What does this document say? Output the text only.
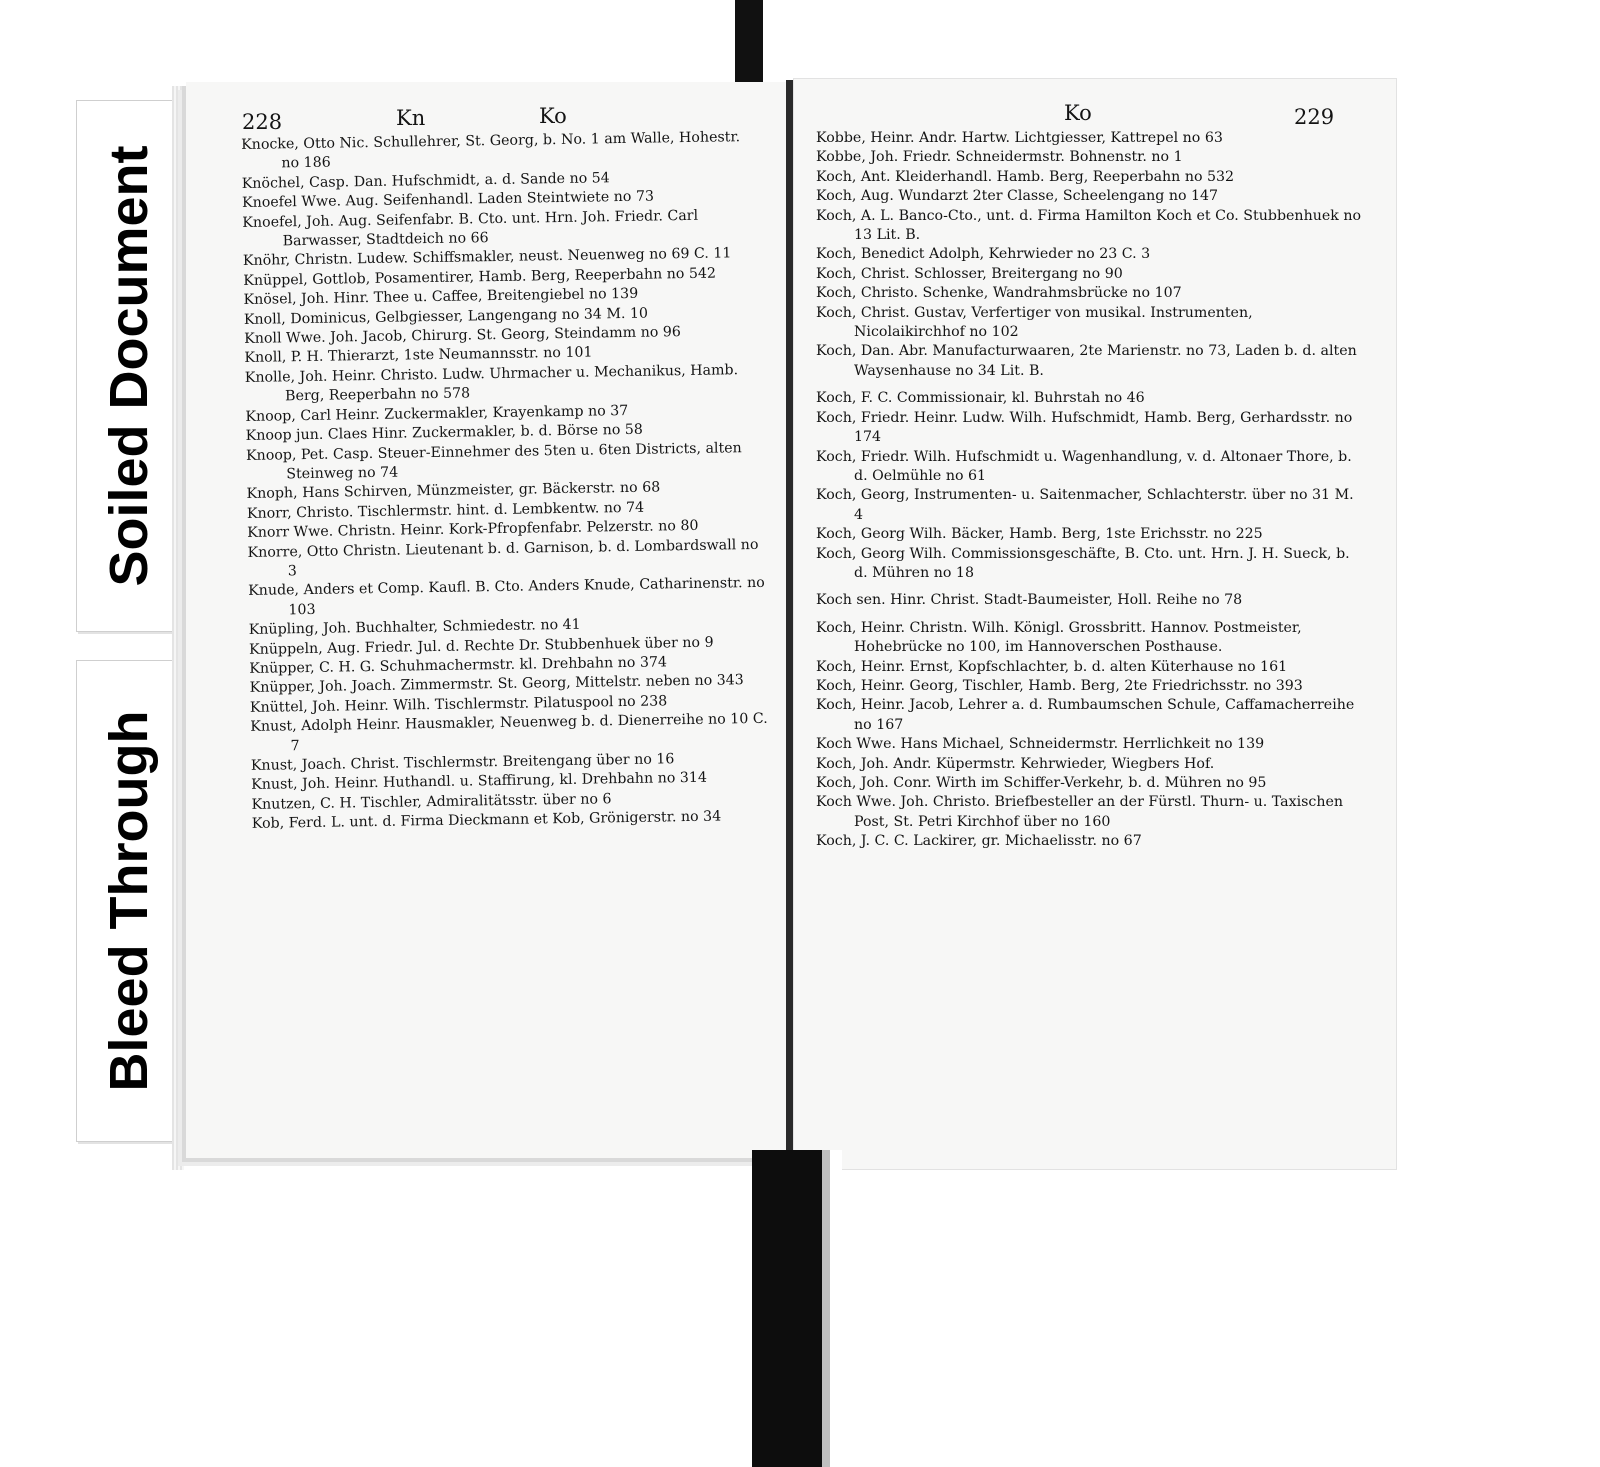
Soiled Document
Bleed Through
228	Kn	Ko

Knocke, Otto Nic. Schullehrer, St. Georg, b. No. 1 am Walle, Hohestr. no 186

Knöchel, Casp. Dan. Hufschmidt, a. d. Sande no 54

Knoefel Wwe. Aug. Seifenhandl. Laden Steintwiete no 73

Knoefel, Joh. Aug. Seifenfabr. B. Cto. unt. Hrn. Joh. Friedr. Carl Barwasser, Stadtdeich no 66

Knöhr, Christn. Ludew. Schiffsmakler, neust. Neuenweg no 69 C. 11

Knüppel, Gottlob, Posamentirer, Hamb. Berg, Reeperbahn no 542

Knösel, Joh. Hinr. Thee u. Caffee, Breitengiebel no 139

Knoll, Dominicus, Gelbgiesser, Langengang no 34 M. 10

Knoll Wwe. Joh. Jacob, Chirurg. St. Georg, Steindamm no 96

Knoll, P. H. Thierarzt, 1ste Neumannsstr. no 101

Knolle, Joh. Heinr. Christo. Ludw. Uhrmacher u. Mechanikus, Hamb. Berg, Reeperbahn no 578

Knoop, Carl Heinr. Zuckermakler, Krayenkamp no 37

Knoop jun. Claes Hinr. Zuckermakler, b. d. Börse no 58

Knoop, Pet. Casp. Steuer-Einnehmer des 5ten u. 6ten Districts, alten Steinweg no 74

Knoph, Hans Schirven, Münzmeister, gr. Bäckerstr. no 68

Knorr, Christo. Tischlermstr. hint. d. Lembkentw. no 74

Knorr Wwe. Christn. Heinr. Kork-Pfropfenfabr. Pelzerstr. no 80

Knorre, Otto Christn. Lieutenant b. d. Garnison, b. d. Lombardswall no 3

Knude, Anders et Comp. Kaufl. B. Cto. Anders Knude, Catharinenstr. no 103

Knüpling, Joh. Buchhalter, Schmiedestr. no 41

Knüppeln, Aug. Friedr. Jul. d. Rechte Dr. Stubbenhuek über no 9

Knüpper, C. H. G. Schuhmachermstr. kl. Drehbahn no 374

Knüpper, Joh. Joach. Zimmermstr. St. Georg, Mittelstr. neben no 343

Knüttel, Joh. Heinr. Wilh. Tischlermstr. Pilatuspool no 238

Knust, Adolph Heinr. Hausmakler, Neuenweg b. d. Dienerreihe no 10 C. 7

Knust, Joach. Christ. Tischlermstr. Breitengang über no 16

Knust, Joh. Heinr. Huthandl. u. Staffirung, kl. Drehbahn no 314

Knutzen, C. H. Tischler, Admiralitätsstr. über no 6

Kob, Ferd. L. unt. d. Firma Dieckmann et Kob, Grönigerstr. no 34

Ko	229

Kobbe, Heinr. Andr. Hartw. Lichtgiesser, Kattrepel no 63

Kobbe, Joh. Friedr. Schneidermstr. Bohnenstr. no 1

Koch, Ant. Kleiderhandl. Hamb. Berg, Reeperbahn no 532

Koch, Aug. Wundarzt 2ter Classe, Scheelengang no 147

Koch, A. L. Banco-Cto., unt. d. Firma Hamilton Koch et Co. Stubbenhuek no 13 Lit. B.

Koch, Benedict Adolph, Kehrwieder no 23 C. 3

Koch, Christ. Schlosser, Breitergang no 90

Koch, Christo. Schenke, Wandrahmsbrücke no 107

Koch, Christ. Gustav, Verfertiger von musikal. Instrumenten, Nicolaikirchhof no 102

Koch, Dan. Abr. Manufacturwaaren, 2te Marienstr. no 73, Laden b. d. alten Waysenhause no 34 Lit. B.

Koch, F. C. Commissionair, kl. Buhrstah no 46

Koch, Friedr. Heinr. Ludw. Wilh. Hufschmidt, Hamb. Berg, Gerhardsstr. no 174

Koch, Friedr. Wilh. Hufschmidt u. Wagenhandlung, v. d. Altonaer Thore, b. d. Oelmühle no 61

Koch, Georg, Instrumenten- u. Saitenmacher, Schlachterstr. über no 31 M. 4

Koch, Georg Wilh. Bäcker, Hamb. Berg, 1ste Erichsstr. no 225

Koch, Georg Wilh. Commissionsgeschäfte, B. Cto. unt. Hrn. J. H. Sueck, b. d. Mühren no 18

Koch sen. Hinr. Christ. Stadt-Baumeister, Holl. Reihe no 78

Koch, Heinr. Christn. Wilh. Königl. Grossbritt. Hannov. Postmeister, Hohebrücke no 100, im Hannoverschen Posthause.

Koch, Heinr. Ernst, Kopfschlachter, b. d. alten Küterhause no 161

Koch, Heinr. Georg, Tischler, Hamb. Berg, 2te Friedrichsstr. no 393

Koch, Heinr. Jacob, Lehrer a. d. Rumbaumschen Schule, Caffamacherreihe no 167

Koch Wwe. Hans Michael, Schneidermstr. Herrlichkeit no 139

Koch, Joh. Andr. Küpermstr. Kehrwieder, Wiegbers Hof.

Koch, Joh. Conr. Wirth im Schiffer-Verkehr, b. d. Mühren no 95

Koch Wwe. Joh. Christo. Briefbesteller an der Fürstl. Thurn- u. Taxischen Post, St. Petri Kirchhof über no 160

Koch, J. C. C. Lackirer, gr. Michaelisstr. no 67
